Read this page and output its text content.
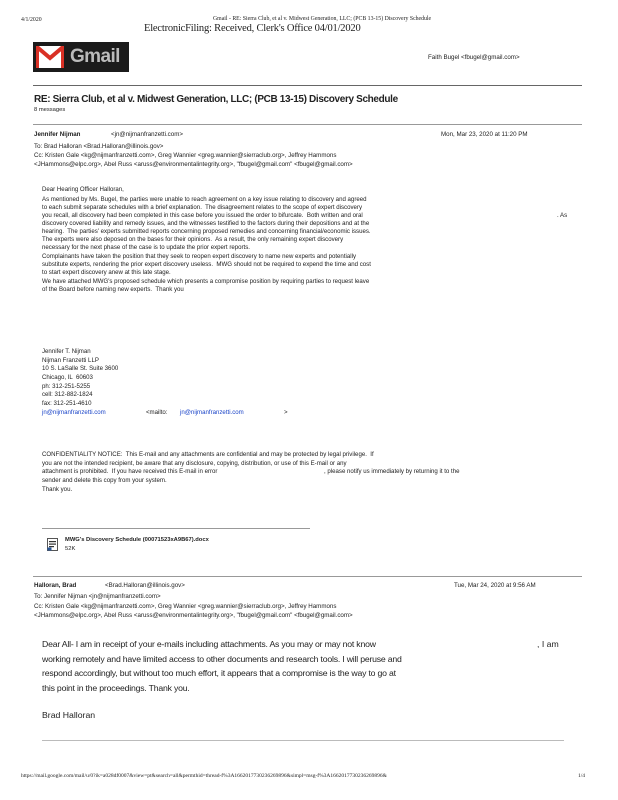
4/1/2020	Gmail - RE: Sierra Club, et al v. Midwest Generation, LLC; (PCB 13-15) Discovery Schedule
ElectronicFiling: Received, Clerk's Office 04/01/2020
Gmail	Faith Bugel <fbugel@gmail.com>
RE: Sierra Club, et al v. Midwest Generation, LLC; (PCB 13-15) Discovery Schedule
8 messages
Jennifer Nijman	<jn@nijmanfranzetti.com>	Mon, Mar 23, 2020 at 11:20 PM
To: Brad Halloran <Brad.Halloran@illinois.gov>
Cc: Kristen Gale <kg@nijmanfranzetti.com>, Greg Wannier <greg.wannier@sierraclub.org>, Jeffrey Hammons
<JHammons@elpc.org>, Abel Russ <aruss@environmentalintegrity.org>, "fbugel@gmail.com" <fbugel@gmail.com>
Dear Hearing Officer Halloran,
As mentioned by Ms. Bugel, the parties were unable to reach agreement on a key issue relating to discovery and agreed
to each submit separate schedules with a brief explanation.  The disagreement relates to the scope of expert discovery
you recall, all discovery had been completed in this case before you issued the order to bifurcate.  Both written and oral
discovery covered liability and remedy issues, and the witnesses testified to the factors during their depositions and at the
hearing.  The parties' experts submitted reports concerning proposed remedies and concerning financial/economic issues.
The experts were also deposed on the bases for their opinions.  As a result, the only remaining expert discovery
necessary for the next phase of the case is to update the prior expert reports.
Complainants have taken the position that they seek to reopen expert discovery to name new experts and potentially
substitute experts, rendering the prior expert discovery useless.  MWG should not be required to expend the time and cost
to start expert discovery anew at this late stage.
We have attached MWG's proposed schedule which presents a compromise position by requiring parties to request leave
of the Board before naming new experts.  Thank you
. As
Jennifer T. Nijman
Nijman Franzetti LLP
10 S. LaSalle St. Suite 3600
Chicago, IL  60603
ph: 312-251-5255
cell: 312-882-1824
fax: 312-251-4610
jn@nijmanfranzetti.com	<mailto: jn@nijmanfranzetti.com	>
CONFIDENTIALITY NOTICE:  This E-mail and any attachments are confidential and may be protected by legal privilege.  If
you are not the intended recipient, be aware that any disclosure, copying, distribution, or use of this E-mail or any
attachment is prohibited.  If you have received this E-mail in error	, please notify us immediately by returning it to the
sender and delete this copy from your system.
Thank you.
MWG's Discovery Schedule (00071523xA9B67).docx
52K
Halloran, Brad	<Brad.Halloran@illinois.gov>	Tue, Mar 24, 2020 at 9:56 AM
To: Jennifer Nijman <jn@nijmanfranzetti.com>
Cc: Kristen Gale <kg@nijmanfranzetti.com>, Greg Wannier <greg.wannier@sierraclub.org>, Jeffrey Hammons
<JHammons@elpc.org>, Abel Russ <aruss@environmentalintegrity.org>, "fbugel@gmail.com" <fbugel@gmail.com>
Dear All- I am in receipt of your e-mails including attachments. As you may or may not know	, I am
working remotely and have limited access to other documents and research tools. I will peruse and
respond accordingly, but without too much effort, it appears that a compromise is the way to go at
this point in the proceedings. Thank you.
Brad Halloran
https://mail.google.com/mail/u/0?ik=a028df0007&view=pt&search=all&permthid=thread-f%3A1662017730236269896&simpl=msg-f%3A1662017730236269896&	1/4
